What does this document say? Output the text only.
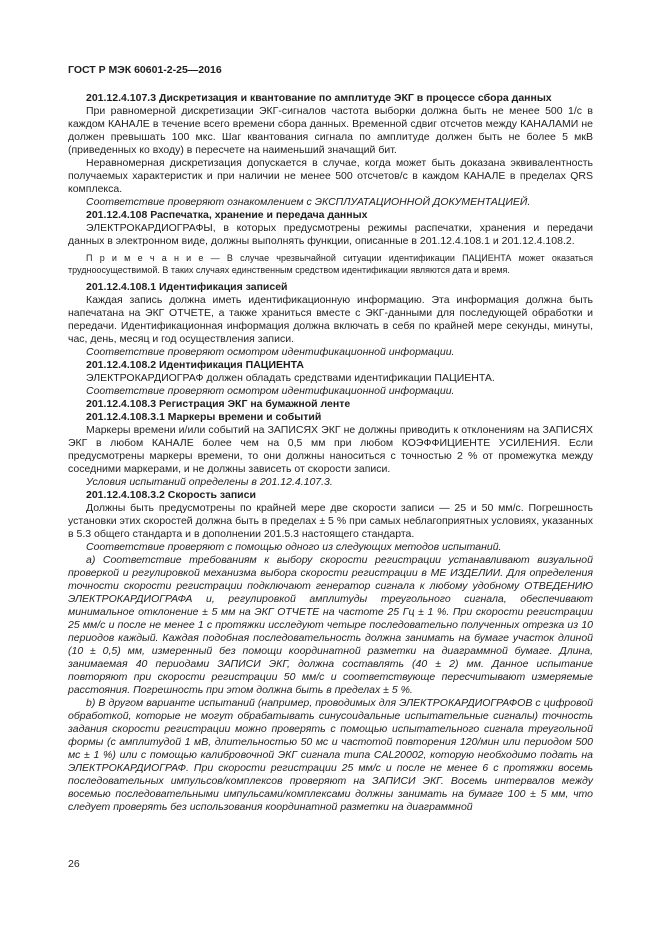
ГОСТ Р МЭК 60601-2-25—2016

201.12.4.107.3 Дискретизация и квантование по амплитуде ЭКГ в процессе сбора данных

При равномерной дискретизации ЭКГ-сигналов частота выборки должна быть не менее 500 1/с в каждом КАНАЛЕ в течение всего времени сбора данных. Временной сдвиг отсчетов между КАНАЛАМИ не должен превышать 100 мкс. Шаг квантования сигнала по амплитуде должен быть не более 5 мкВ (приведенных ко входу) в пересчете на наименьший значащий бит.

Неравномерная дискретизация допускается в случае, когда может быть доказана эквивалентность получаемых характеристик и при наличии не менее 500 отсчетов/с в каждом КАНАЛЕ в пределах QRS комплекса.

Соответствие проверяют ознакомлением с ЭКСПЛУАТАЦИОННОЙ ДОКУМЕНТАЦИЕЙ.

201.12.4.108 Распечатка, хранение и передача данных

ЭЛЕКТРОКАРДИОГРАФЫ, в которых предусмотрены режимы распечатки, хранения и передачи данных в электронном виде, должны выполнять функции, описанные в 201.12.4.108.1 и 201.12.4.108.2.

П р и м е ч а н и е — В случае чрезвычайной ситуации идентификации ПАЦИЕНТА может оказаться трудноосуществимой. В таких случаях единственным средством идентификации являются дата и время.

201.12.4.108.1 Идентификация записей

Каждая запись должна иметь идентификационную информацию. Эта информация должна быть напечатана на ЭКГ ОТЧЕТЕ, а также храниться вместе с ЭКГ-данными для последующей обработки и передачи. Идентификационная информация должна включать в себя по крайней мере секунды, минуты, час, день, месяц и год осуществления записи.

Соответствие проверяют осмотром идентификационной информации.

201.12.4.108.2 Идентификация ПАЦИЕНТА

ЭЛЕКТРОКАРДИОГРАФ должен обладать средствами идентификации ПАЦИЕНТА.

Соответствие проверяют осмотром идентификационной информации.

201.12.4.108.3 Регистрация ЭКГ на бумажной ленте

201.12.4.108.3.1 Маркеры времени и событий

Маркеры времени и/или событий на ЗАПИСЯХ ЭКГ не должны приводить к отклонениям на ЗАПИСЯХ ЭКГ в любом КАНАЛЕ более чем на 0,5 мм при любом КОЭФФИЦИЕНТЕ УСИЛЕНИЯ. Если предусмотрены маркеры времени, то они должны наноситься с точностью 2 % от промежутка между соседними маркерами, и не должны зависеть от скорости записи.

Условия испытаний определены в 201.12.4.107.3.

201.12.4.108.3.2 Скорость записи

Должны быть предусмотрены по крайней мере две скорости записи — 25 и 50 мм/с. Погрешность установки этих скоростей должна быть в пределах ± 5 % при самых неблагоприятных условиях, указанных в 5.3 общего стандарта и в дополнении 201.5.3 настоящего стандарта.

Соответствие проверяют с помощью одного из следующих методов испытаний.

a) Соответствие требованиям к выбору скорости регистрации устанавливают визуальной проверкой и регулировкой механизма выбора скорости регистрации в МЕ ИЗДЕЛИИ. Для определения точности скорости регистрации подключают генератор сигнала к любому удобному ОТВЕДЕНИЮ ЭЛЕКТРОКАРДИОГРАФА и, регулировкой амплитуды треугольного сигнала, обеспечивают минимальное отклонение ± 5 мм на ЭКГ ОТЧЕТЕ на частоте 25 Гц ± 1 %. При скорости регистрации 25 мм/с и после не менее 1 с протяжки исследуют четыре последовательно полученных отрезка из 10 периодов каждый. Каждая подобная последовательность должна занимать на бумаге участок длиной (10 ± 0,5) мм, измеренный без помощи координатной разметки на диаграммной бумаге. Длина, занимаемая 40 периодами ЗАПИСИ ЭКГ, должна составлять (40 ± 2) мм. Данное испытание повторяют при скорости регистрации 50 мм/с и соответствующе пересчитывают измеряемые расстояния. Погрешность при этом должна быть в пределах ± 5 %.

b) В другом варианте испытаний (например, проводимых для ЭЛЕКТРОКАРДИОГРАФОВ с цифровой обработкой, которые не могут обрабатывать синусоидальные испытательные сигналы) точность задания скорости регистрации можно проверять с помощью испытательного сигнала треугольной формы (с амплитудой 1 мВ, длительностью 50 мс и частотой повторения 120/мин или периодом 500 мс ± 1 %) или с помощью калибровочной ЭКГ сигнала типа CAL20002, которую необходимо подать на ЭЛЕКТРОКАРДИОГРАФ. При скорости регистрации 25 мм/с и после не менее 6 с протяжки восемь последовательных импульсов/комплексов проверяют на ЗАПИСИ ЭКГ. Восемь интервалов между восемью последовательными импульсами/комплексами должны занимать на бумаге 100 ± 5 мм, что следует проверять без использования координатной разметки на диаграммной

26
